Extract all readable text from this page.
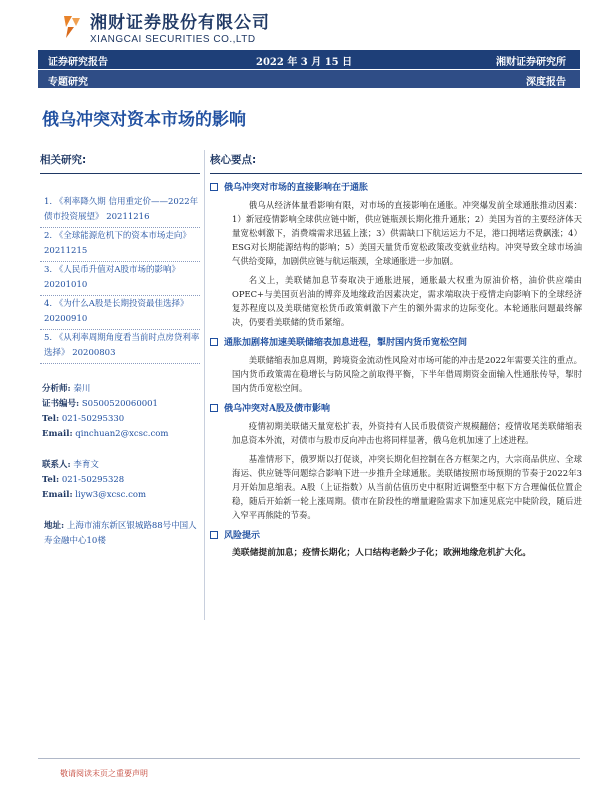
湘财证券股份有限公司
XIANGCAI SECURITIES CO.,LTD
证券研究报告	2022 年 3 月 15 日	湘财证券研究所
专题研究	深度报告
俄乌冲突对资本市场的影响
相关研究:
1. 《利率降久期 信用重定价——2022年债市投资展望》 20211216
2. 《全球能源危机下的资本市场走向》 20211215
3. 《人民币升值对A股市场的影响》 20201010
4. 《为什么A股是长期投资最佳选择》 20200910
5. 《从利率周期角度看当前时点房贷利率选择》 20200803
分析师: 秦川
证书编号: S0500520060001
Tel: 021-50295330
Email: qinchuan2@xcsc.com
联系人: 李育文
Tel: 021-50295328
Email: liyw3@xcsc.com
地址: 上海市浦东新区银城路88号中国人寿金融中心10楼
核心要点:
俄乌冲突对市场的直接影响在于通胀

俄乌从经济体量看影响有限，对市场的直接影响在通胀。冲突爆发前全球通胀推动因素：1）新冠疫情影响全球供应链中断，供应链瓶颈长期化推升通胀；2）美国为首的主要经济体天量宽松刺激下，消费端需求迅猛上涨；3）供需缺口下航运运力不足，港口拥堵运费飙涨；4）ESG对长期能源结构的影响；5）美国天量货币宽松政策改变就业结构。冲突导致全球市场油气供给变障，加剧供应链与航运瓶颈，全球通胀进一步加剧。

名义上，美联储加息节奏取决于通胀进展，通胀最大权重为原油价格，油价供应端由OPEC+与美国页岩油的博弈及地缘政治因素决定，需求端取决于疫情走向影响下的全球经济复苏程度以及美联储宽松货币政策刺激下产生的额外需求的边际变化。本轮通胀问题最终解决，仍要看美联储的货币紧缩。

通胀加剧将加速美联储缩表加息进程，掣肘国内货币宽松空间

美联储缩表加息周期，跨境资金流动性风险对市场可能的冲击是2022年需要关注的重点。国内货币政策需在稳增长与防风险之前取得平衡，下半年借周期资金面输入性通胀传导，掣肘国内货币宽松空间。

俄乌冲突对A股及债市影响

疫情初期美联储天量宽松扩表，外资持有人民币股债资产规模翻倍；疫情收尾美联储缩表加息资本外流，对债市与股市反向冲击也将同样显著，俄乌危机加速了上述进程。

基准情形下，俄罗斯以打促谈，冲突长期化但控制在各方框架之内，大宗商品供应、全球海运、供应链等问题综合影响下进一步推升全球通胀。美联储按照市场预期的节奏于2022年3月开始加息缩表。A股（上证指数）从当前估值历史中枢附近调整至中枢下方合理偏低位置企稳，随后开始新一轮上涨周期。债市在阶段性的增量避险需求下加速见底完中陡阶段，随后进入窄平再熊陡的节奏。

风险提示

美联储提前加息；疫情长期化；人口结构老龄少子化；欧洲地缘危机扩大化。

敬请阅读末页之重要声明
